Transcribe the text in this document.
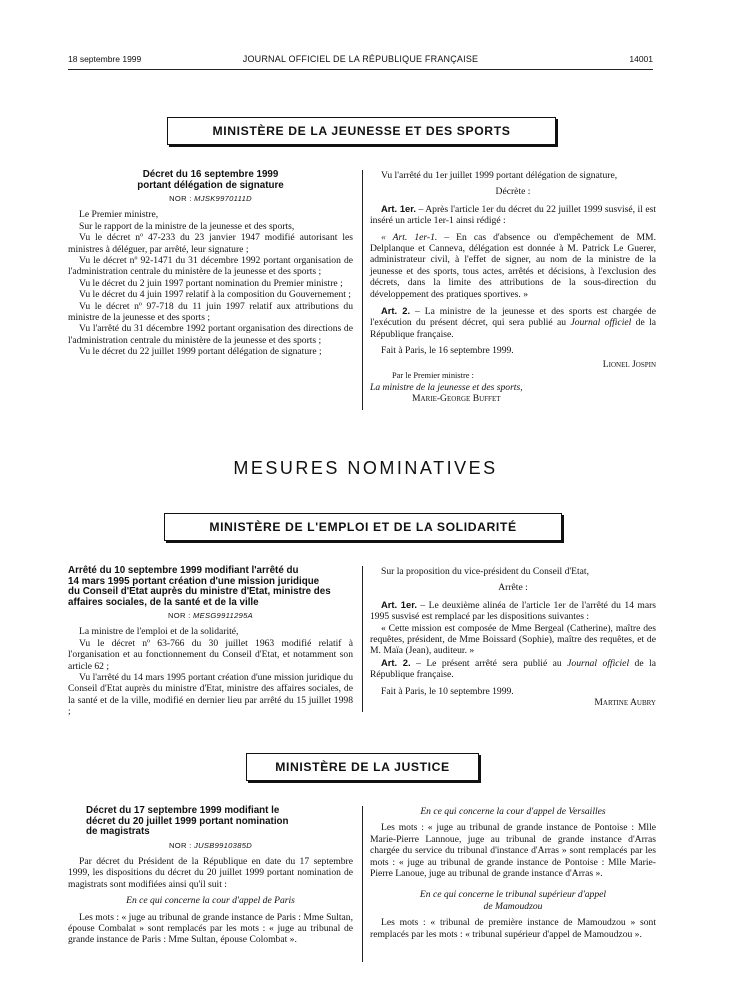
18 septembre 1999	JOURNAL OFFICIEL DE LA RÉPUBLIQUE FRANÇAISE	14001
MINISTÈRE DE LA JEUNESSE ET DES SPORTS
Décret du 16 septembre 1999
portant délégation de signature
NOR : MJSK9970111D

Le Premier ministre,

Sur le rapport de la ministre de la jeunesse et des sports,

Vu le décret nº 47-233 du 23 janvier 1947 modifié autorisant les ministres à déléguer, par arrêté, leur signature ;

Vu le décret nº 92-1471 du 31 décembre 1992 portant organisation de l'administration centrale du ministère de la jeunesse et des sports ;

Vu le décret du 2 juin 1997 portant nomination du Premier ministre ;

Vu le décret du 4 juin 1997 relatif à la composition du Gouvernement ;

Vu le décret nº 97-718 du 11 juin 1997 relatif aux attributions du ministre de la jeunesse et des sports ;

Vu l'arrêté du 31 décembre 1992 portant organisation des directions de l'administration centrale du ministère de la jeunesse et des sports ;

Vu le décret du 22 juillet 1999 portant délégation de signature ;

Vu l'arrêté du 1er juillet 1999 portant délégation de signature,

Décrète :

Art. 1er. – Après l'article 1er du décret du 22 juillet 1999 susvisé, il est inséré un article 1er-1 ainsi rédigé :

« Art. 1er-1. – En cas d'absence ou d'empêchement de MM. Delplanque et Canneva, délégation est donnée à M. Patrick Le Guerer, administrateur civil, à l'effet de signer, au nom de la ministre de la jeunesse et des sports, tous actes, arrêtés et décisions, à l'exclusion des décrets, dans la limite des attributions de la sous-direction du développement des pratiques sportives. »

Art. 2. – La ministre de la jeunesse et des sports est chargée de l'exécution du présent décret, qui sera publié au Journal officiel de la République française.

Fait à Paris, le 16 septembre 1999.

Lionel Jospin

Par le Premier ministre :

La ministre de la jeunesse et des sports,

Marie-George Buffet

MESURES NOMINATIVES
MINISTÈRE DE L'EMPLOI ET DE LA SOLIDARITÉ
Arrêté du 10 septembre 1999 modifiant l'arrêté du
14 mars 1995 portant création d'une mission juridique
du Conseil d'Etat auprès du ministre d'Etat, ministre des
affaires sociales, de la santé et de la ville
NOR : MESG9911295A

La ministre de l'emploi et de la solidarité,

Vu le décret nº 63-766 du 30 juillet 1963 modifié relatif à l'organisation et au fonctionnement du Conseil d'Etat, et notamment son article 62 ;

Vu l'arrêté du 14 mars 1995 portant création d'une mission juridique du Conseil d'Etat auprès du ministre d'Etat, ministre des affaires sociales, de la santé et de la ville, modifié en dernier lieu par arrêté du 15 juillet 1998 ;

Sur la proposition du vice-président du Conseil d'Etat,

Arrête :

Art. 1er. – Le deuxième alinéa de l'article 1er de l'arrêté du 14 mars 1995 susvisé est remplacé par les dispositions suivantes :

« Cette mission est composée de Mme Bergeal (Catherine), maître des requêtes, président, de Mme Boissard (Sophie), maître des requêtes, et de M. Maïa (Jean), auditeur. »

Art. 2. – Le présent arrêté sera publié au Journal officiel de la République française.

Fait à Paris, le 10 septembre 1999.

Martine Aubry

MINISTÈRE DE LA JUSTICE
Décret du 17 septembre 1999 modifiant le
décret du 20 juillet 1999 portant nomination
de magistrats
NOR : JUSB9910385D

Par décret du Président de la République en date du 17 septembre 1999, les dispositions du décret du 20 juillet 1999 portant nomination de magistrats sont modifiées ainsi qu'il suit :

En ce qui concerne la cour d'appel de Paris

Les mots : « juge au tribunal de grande instance de Paris : Mme Sultan, épouse Combalat » sont remplacés par les mots : « juge au tribunal de grande instance de Paris : Mme Sultan, épouse Colombat ».

En ce qui concerne la cour d'appel de Versailles

Les mots : « juge au tribunal de grande instance de Pontoise : Mlle Marie-Pierre Lannoue, juge au tribunal de grande instance d'Arras chargée du service du tribunal d'instance d'Arras » sont remplacés par les mots : « juge au tribunal de grande instance de Pontoise : Mlle Marie-Pierre Lanoue, juge au tribunal de grande instance d'Arras ».

En ce qui concerne le tribunal supérieur d'appel

de Mamoudzou

Les mots : « tribunal de première instance de Mamoudzou » sont remplacés par les mots : « tribunal supérieur d'appel de Mamoudzou ».
